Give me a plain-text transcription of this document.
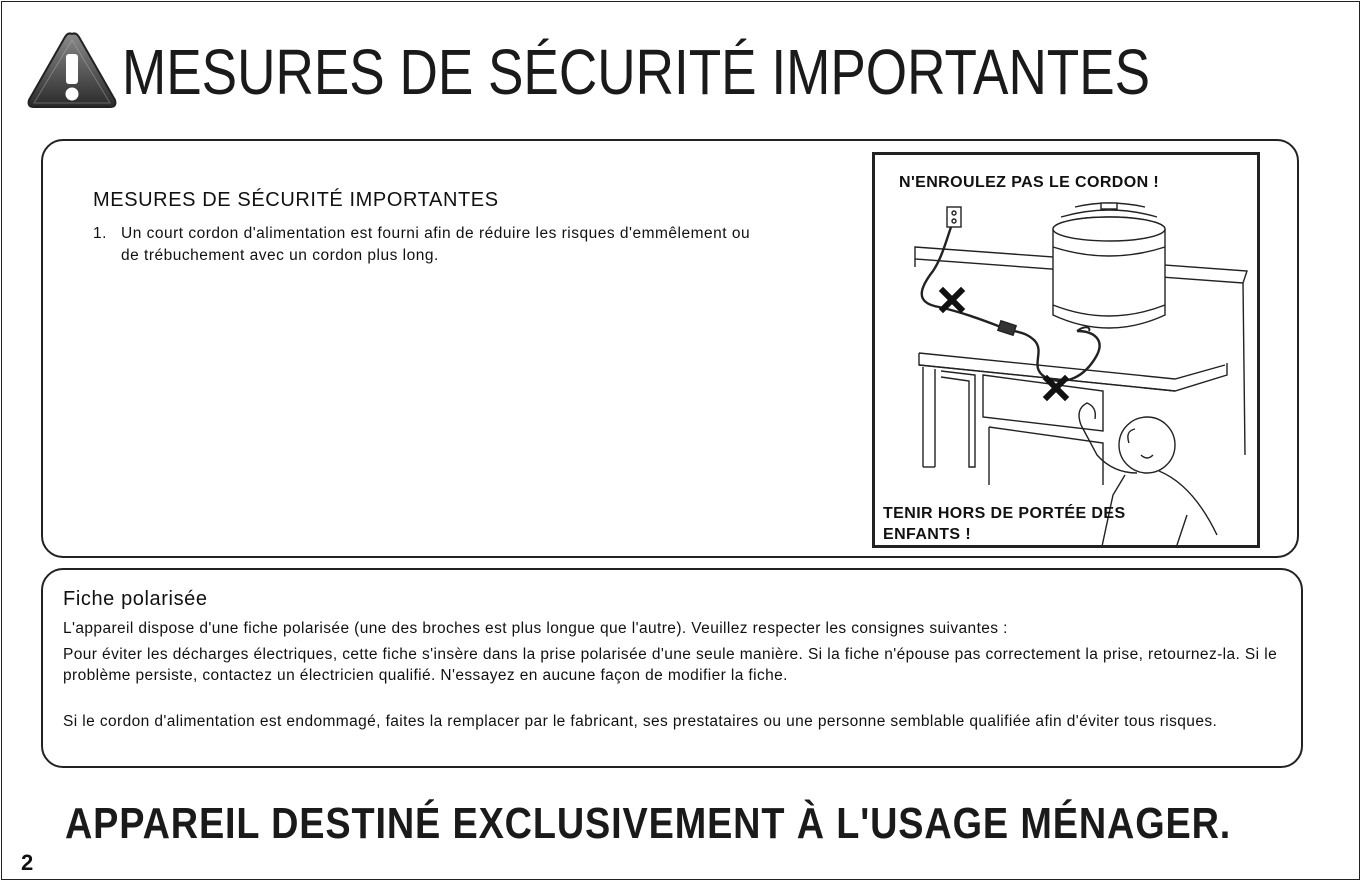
MESURES DE SÉCURITÉ IMPORTANTES
MESURES DE SÉCURITÉ IMPORTANTES
1. Un court cordon d'alimentation est fourni afin de réduire les risques d'emmêlement ou de trébuchement avec un cordon plus long.
N'ENROULEZ PAS LE CORDON !
TENIR HORS DE PORTÉE DES ENFANTS !
Fiche polarisée
L'appareil dispose d'une fiche polarisée (une des broches est plus longue que l'autre). Veuillez respecter les consignes suivantes :
Pour éviter les décharges électriques, cette fiche s'insère dans la prise polarisée d'une seule manière. Si la fiche n'épouse pas correctement la prise, retournez-la. Si le problème persiste, contactez un électricien qualifié. N'essayez en aucune façon de modifier la fiche.
Si le cordon d'alimentation est endommagé, faites la remplacer par le fabricant, ses prestataires ou une personne semblable qualifiée afin d'éviter tous risques.
APPAREIL DESTINÉ EXCLUSIVEMENT À L'USAGE MÉNAGER.
2
